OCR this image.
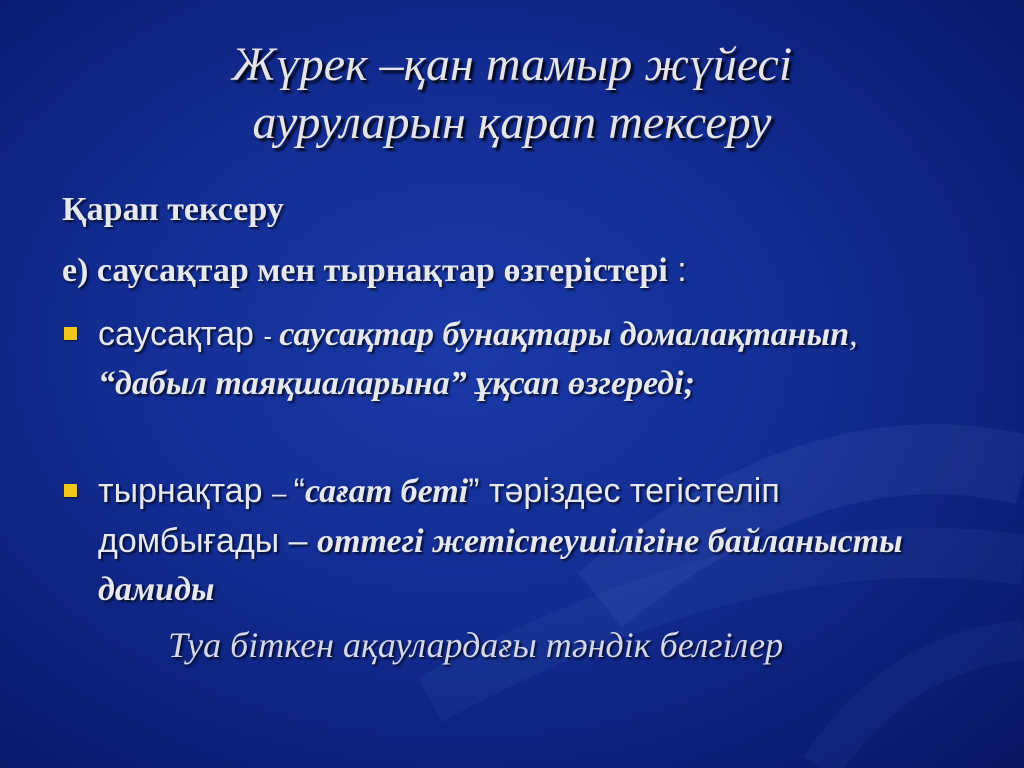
Жүрек –қан тамыр жүйесі
ауруларын қарап тексеру
Қарап тексеру
е) саусақтар мен тырнақтар өзгерістері :
саусақтар - саусақтар бунақтары домалақтанып, “дабыл таяқшаларына” ұқсап өзгереді;
тырнақтар – “сағат беті” тәріздес тегістеліп домбығады – оттегі жетіспеушілігіне байланысты дамиды
Туа біткен ақаулардағы тәндік белгілер
